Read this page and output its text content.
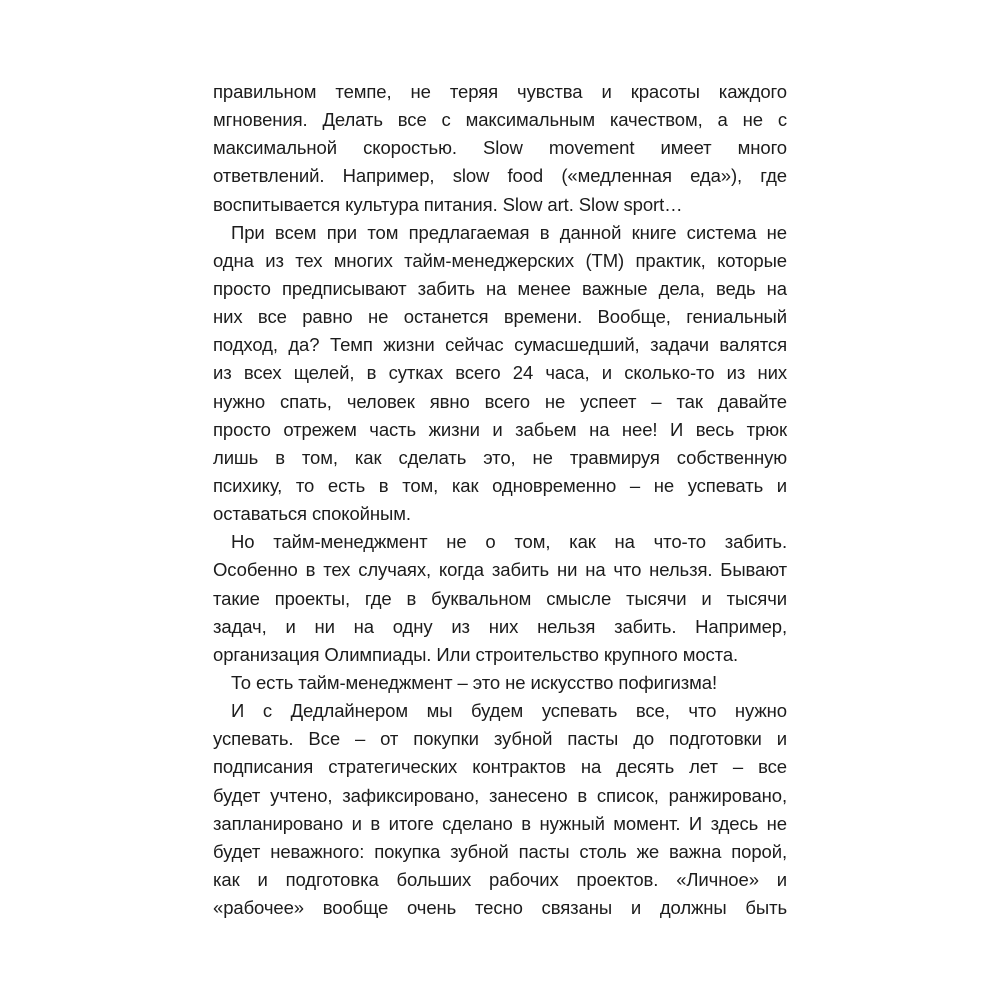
правильном темпе, не теряя чувства и красоты каждого
мгновения. Делать все с максимальным качеством, а не с
максимальной скоростью. Slow movement имеет много
ответвлений. Например, slow food («медленная еда»), где
воспитывается культура питания. Slow art. Slow sport…

При всем при том предлагаемая в данной книге система не
одна из тех многих тайм-менеджерских (ТМ) практик, которые
просто предписывают забить на менее важные дела, ведь на
них все равно не останется времени. Вообще, гениальный
подход, да? Темп жизни сейчас сумасшедший, задачи валятся
из всех щелей, в сутках всего 24 часа, и сколько-то из них
нужно спать, человек явно всего не успеет – так давайте
просто отрежем часть жизни и забьем на нее! И весь трюк
лишь в том, как сделать это, не травмируя собственную
психику, то есть в том, как одновременно – не успевать и
оставаться спокойным.

Но тайм-менеджмент не о том, как на что-то забить.
Особенно в тех случаях, когда забить ни на что нельзя. Бывают
такие проекты, где в буквальном смысле тысячи и тысячи
задач, и ни на одну из них нельзя забить. Например,
организация Олимпиады. Или строительство крупного моста.

То есть тайм-менеджмент – это не искусство пофигизма!

И с Дедлайнером мы будем успевать все, что нужно
успевать. Все – от покупки зубной пасты до подготовки и
подписания стратегических контрактов на десять лет – все
будет учтено, зафиксировано, занесено в список, ранжировано,
запланировано и в итоге сделано в нужный момент. И здесь не
будет неважного: покупка зубной пасты столь же важна порой,
как и подготовка больших рабочих проектов. «Личное» и
«рабочее» вообще очень тесно связаны и должны быть
